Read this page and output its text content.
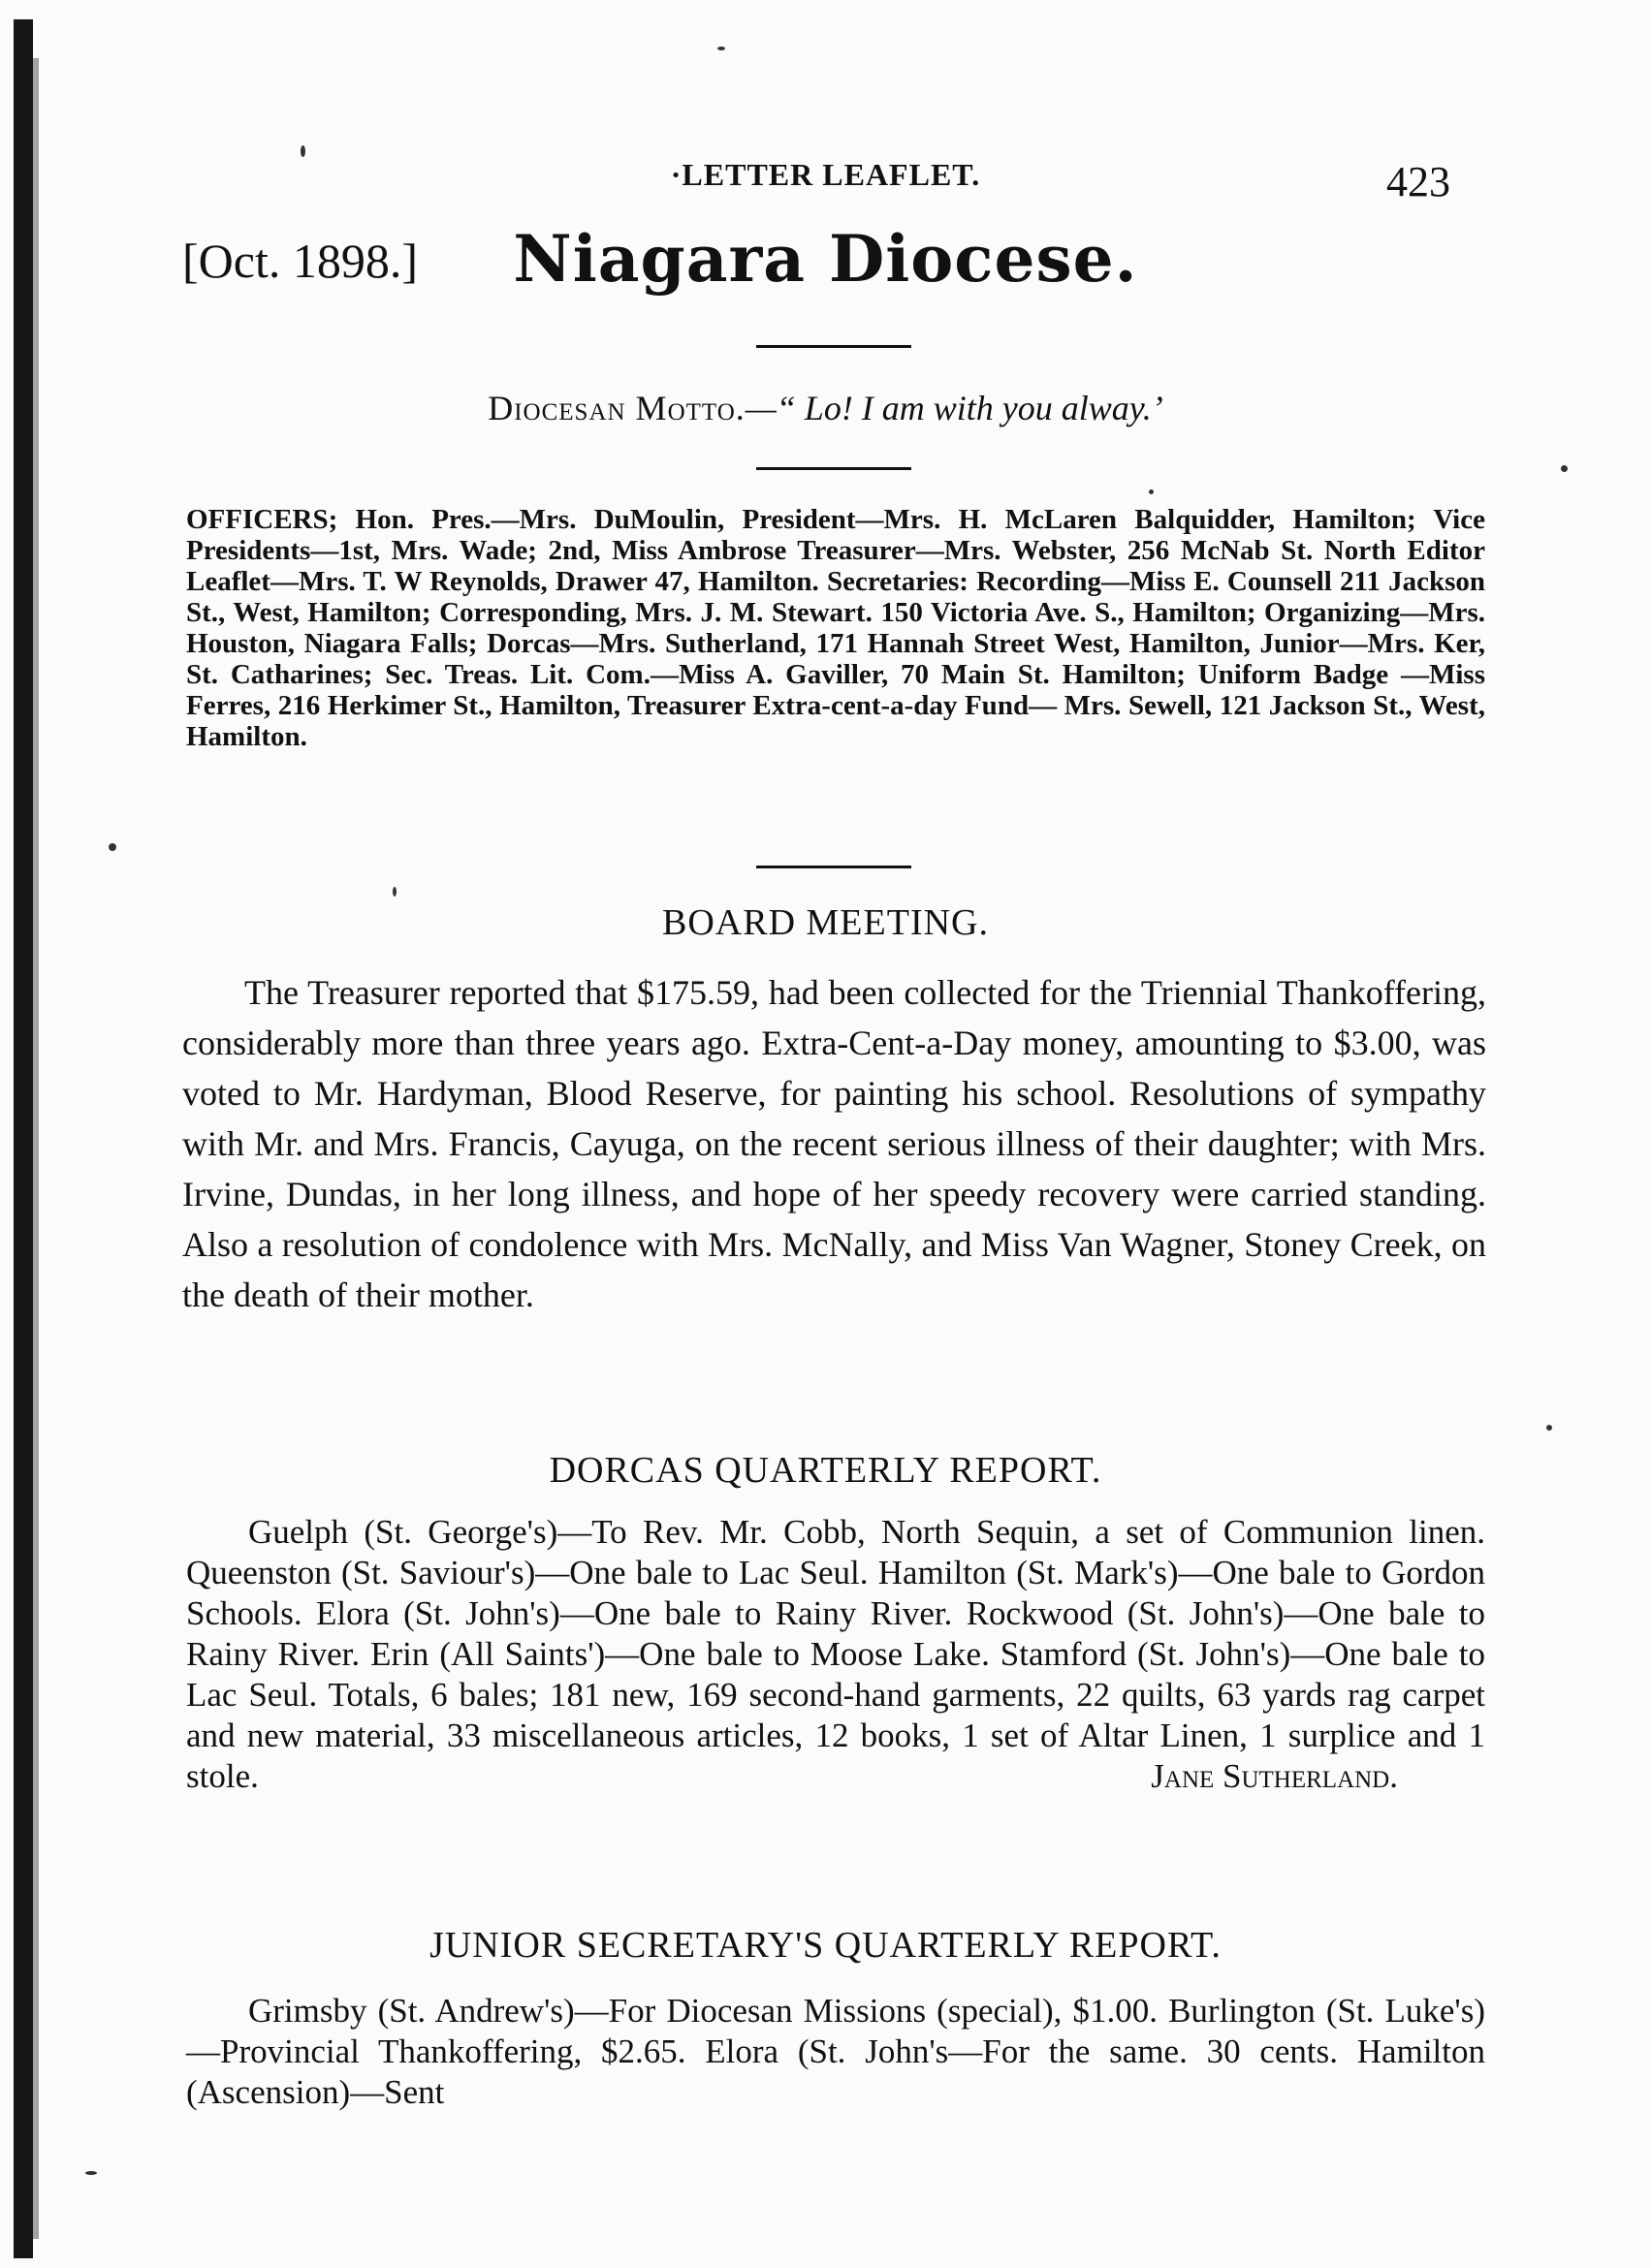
·LETTER LEAFLET.	423
[Oct. 1898.]	Niagara Diocese.
Diocesan Motto.—“ Lo! I am with you alway.’
OFFICERS; Hon. Pres.—Mrs. DuMoulin, President—Mrs. H. McLaren Balquidder, Hamilton; Vice Presidents—1st, Mrs. Wade; 2nd, Miss Ambrose Treasurer—Mrs. Webster, 256 McNab St. North Editor Leaflet—Mrs. T. W Reynolds, Drawer 47, Hamilton. Secretaries: Recording—Miss E. Counsell 211 Jackson St., West, Hamilton; Corresponding, Mrs. J. M. Stewart. 150 Victoria Ave. S., Hamilton; Organizing—Mrs. Houston, Niagara Falls; Dorcas—Mrs. Sutherland, 171 Hannah Street West, Hamilton, Junior—Mrs. Ker, St. Catharines; Sec. Treas. Lit. Com.—Miss A. Gaviller, 70 Main St. Hamilton; Uniform Badge —Miss Ferres, 216 Herkimer St., Hamilton, Treasurer Extra-cent-a-day Fund— Mrs. Sewell, 121 Jackson St., West, Hamilton.
BOARD MEETING.

The Treasurer reported that $175.59, had been collected for the Triennial Thankoffering, considerably more than three years ago. Extra-Cent-a-Day money, amounting to $3.00, was voted to Mr. Hardyman, Blood Reserve, for painting his school. Resolutions of sympathy with Mr. and Mrs. Francis, Cayuga, on the recent serious illness of their daughter; with Mrs. Irvine, Dundas, in her long illness, and hope of her speedy recovery were carried standing. Also a resolution of condolence with Mrs. McNally, and Miss Van Wagner, Stoney Creek, on the death of their mother.

DORCAS QUARTERLY REPORT.

Guelph (St. George's)—To Rev. Mr. Cobb, North Sequin, a set of Communion linen. Queenston (St. Saviour's)—One bale to Lac Seul. Hamilton (St. Mark's)—One bale to Gordon Schools. Elora (St. John's)—One bale to Rainy River. Rockwood (St. John's)—One bale to Rainy River. Erin (All Saints')—One bale to Moose Lake. Stamford (St. John's)—One bale to Lac Seul. Totals, 6 bales; 181 new, 169 second-hand garments, 22 quilts, 63 yards rag carpet and new material, 33 miscellaneous articles, 12 books, 1 set of Altar Linen, 1 surplice and 1 stole.	Jane Sutherland.
JUNIOR SECRETARY'S QUARTERLY REPORT.

Grimsby (St. Andrew's)—For Diocesan Missions (special), $1.00. Burlington (St. Luke's)—Provincial Thankoffering, $2.65. Elora (St. John's—For the same. 30 cents. Hamilton (Ascension)—Sent
